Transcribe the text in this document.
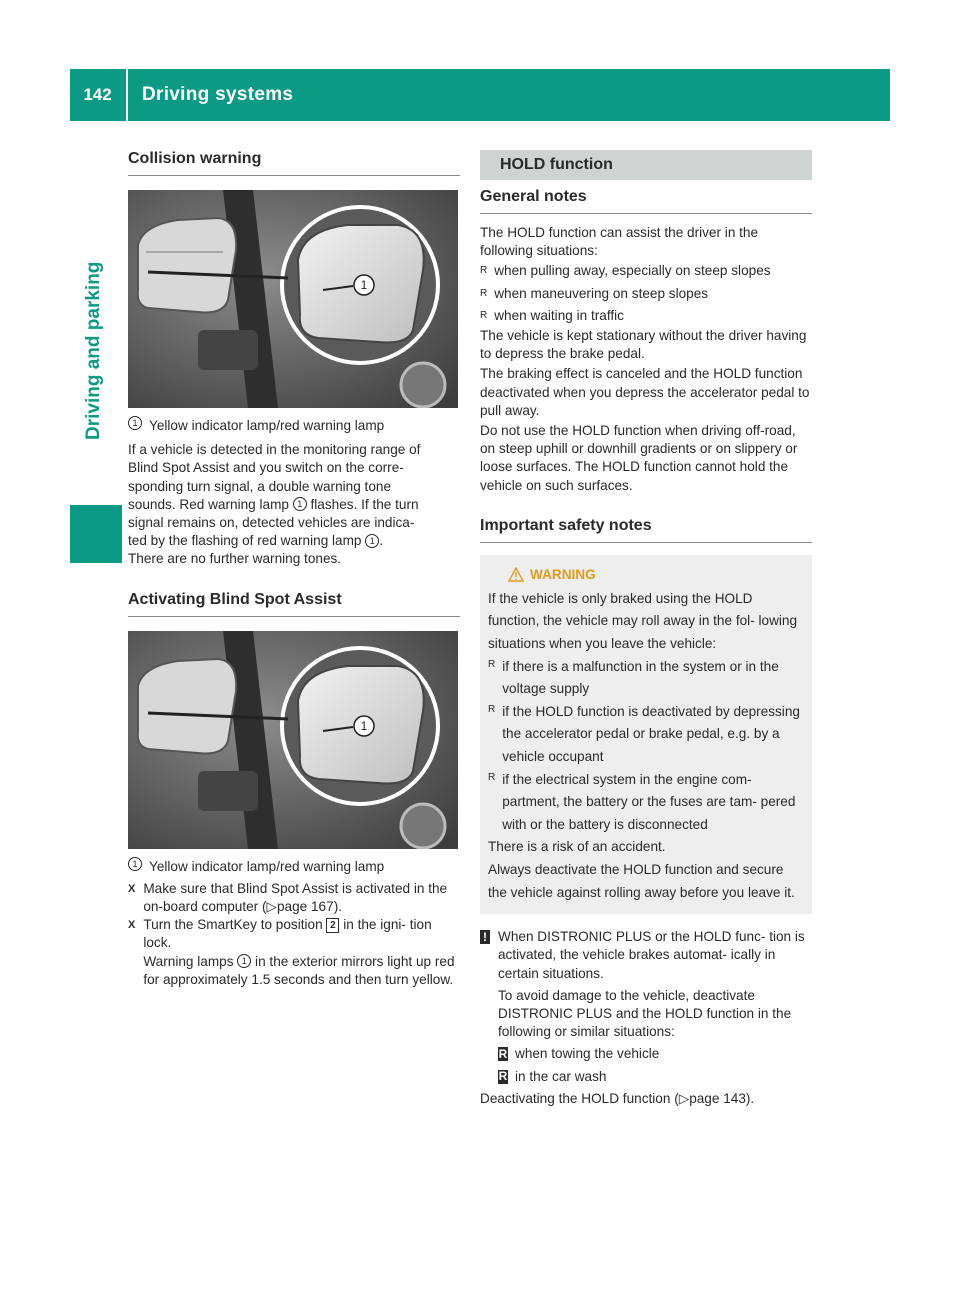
142	Driving systems
Driving and parking
Collision warning
1
1 Yellow indicator lamp/red warning lamp

If a vehicle is detected in the monitoring range of
Blind Spot Assist and you switch on the corre-
sponding turn signal, a double warning tone
sounds. Red warning lamp 1 flashes. If the turn
signal remains on, detected vehicles are indica-
ted by the flashing of red warning lamp 1 .
There are no further warning tones.

Activating Blind Spot Assist
1
1 Yellow indicator lamp/red warning lamp
X Make sure that Blind Spot Assist is activated in the on-board computer (▷page 167).
X Turn the SmartKey to position 2 in the igni- tion lock.
Warning lamps 1 in the exterior mirrors light up red for approximately 1.5 seconds and then turn yellow.
HOLD function
General notes

The HOLD function can assist the driver in the following situations:

R when pulling away, especially on steep slopes
R when maneuvering on steep slopes
R when waiting in traffic

The vehicle is kept stationary without the driver having to depress the brake pedal.

The braking effect is canceled and the HOLD function deactivated when you depress the accelerator pedal to pull away.

Do not use the HOLD function when driving off-road, on steep uphill or downhill gradients or on slippery or loose surfaces. The HOLD function cannot hold the vehicle on such surfaces.

Important safety notes
WARNING

If the vehicle is only braked using the HOLD function, the vehicle may roll away in the fol- lowing situations when you leave the vehicle:

R if there is a malfunction in the system or in the voltage supply
R if the HOLD function is deactivated by depressing the accelerator pedal or brake pedal, e.g. by a vehicle occupant
R if the electrical system in the engine com- partment, the battery or the fuses are tam- pered with or the battery is disconnected

There is a risk of an accident.

Always deactivate the HOLD function and secure the vehicle against rolling away before you leave it.

! When DISTRONIC PLUS or the HOLD func- tion is activated, the vehicle brakes automat- ically in certain situations.

To avoid damage to the vehicle, deactivate DISTRONIC PLUS and the HOLD function in the following or similar situations:

R when towing the vehicle
R in the car wash

Deactivating the HOLD function (▷page 143).
